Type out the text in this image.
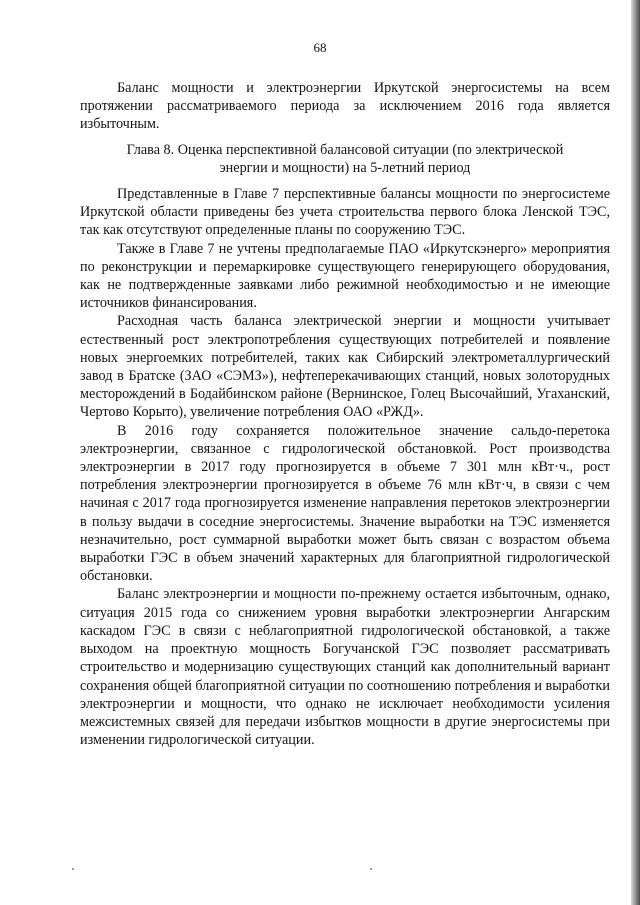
68

Баланс мощности и электроэнергии Иркутской энергосистемы на всем протяжении рассматриваемого периода за исключением 2016 года является избыточным.

Глава 8. Оценка перспективной балансовой ситуации (по электрической
энергии и мощности) на 5-летний период

Представленные в Главе 7 перспективные балансы мощности по энергосистеме Иркутской области приведены без учета строительства первого блока Ленской ТЭС, так как отсутствуют определенные планы по сооружению ТЭС.

Также в Главе 7 не учтены предполагаемые ПАО «Иркутскэнерго» мероприятия по реконструкции и перемаркировке существующего генерирующего оборудования, как не подтвержденные заявками либо режимной необходимостью и не имеющие источников финансирования.

Расходная часть баланса электрической энергии и мощности учитывает естественный рост электропотребления существующих потребителей и появление новых энергоемких потребителей, таких как Сибирский электрометаллургический завод в Братске (ЗАО «СЭМЗ»), нефтеперекачивающих станций, новых золоторудных месторождений в Бодайбинском районе (Вернинское, Голец Высочайший, Угаханский, Чертово Корыто), увеличение потребления ОАО «РЖД».

В 2016 году сохраняется положительное значение сальдо-перетока электроэнергии, связанное с гидрологической обстановкой. Рост производства электроэнергии в 2017 году прогнозируется в объеме 7 301 млн кВт·ч., рост потребления электроэнергии прогнозируется в объеме 76 млн кВт·ч, в связи с чем начиная с 2017 года прогнозируется изменение направления перетоков электроэнергии в пользу выдачи в соседние энергосистемы. Значение выработки на ТЭС изменяется незначительно, рост суммарной выработки может быть связан с возрастом объема выработки ГЭС в объем значений характерных для благоприятной гидрологической обстановки.

Баланс электроэнергии и мощности по-прежнему остается избыточным, однако, ситуация 2015 года со снижением уровня выработки электроэнергии Ангарским каскадом ГЭС в связи с неблагоприятной гидрологической обстановкой, а также выходом на проектную мощность Богучанской ГЭС позволяет рассматривать строительство и модернизацию существующих станций как дополнительный вариант сохранения общей благоприятной ситуации по соотношению потребления и выработки электроэнергии и мощности, что однако не исключает необходимости усиления межсистемных связей для передачи избытков мощности в другие энергосистемы при изменении гидрологической ситуации.
